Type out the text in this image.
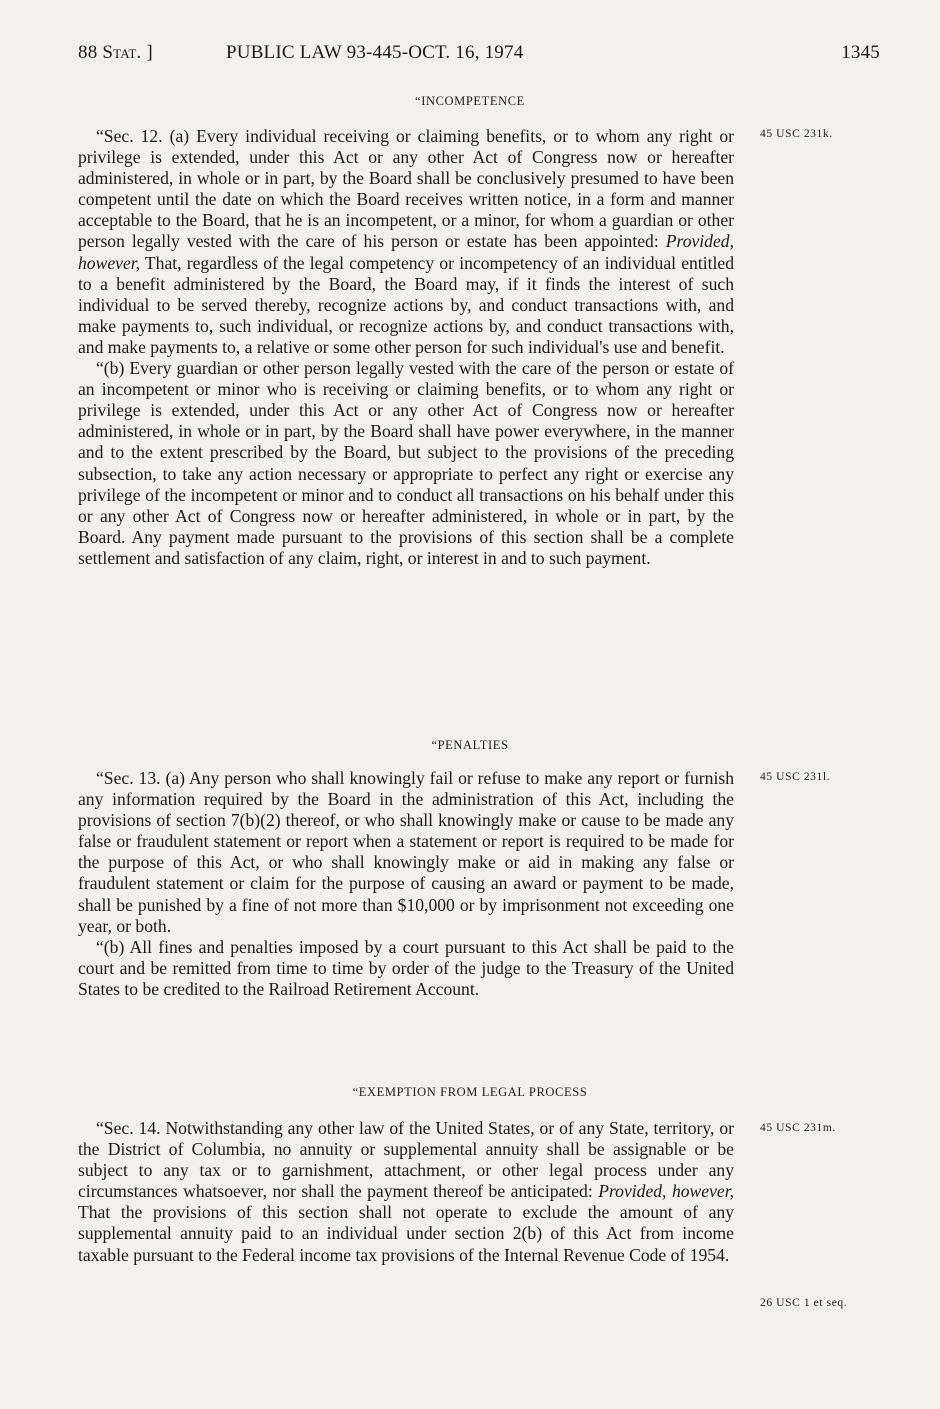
88 Stat. ]	PUBLIC LAW 93-445-OCT. 16, 1974	1345
“INCOMPETENCE
45 USC 231k.

“Sec. 12. (a) Every individual receiving or claiming benefits, or to whom any right or privilege is extended, under this Act or any other Act of Congress now or hereafter administered, in whole or in part, by the Board shall be conclusively presumed to have been competent until the date on which the Board receives written notice, in a form and manner acceptable to the Board, that he is an incompetent, or a minor, for whom a guardian or other person legally vested with the care of his person or estate has been appointed: Provided, however, That, regardless of the legal competency or incompetency of an individual entitled to a benefit administered by the Board, the Board may, if it finds the interest of such individual to be served thereby, recognize actions by, and conduct transactions with, and make payments to, such individual, or recognize actions by, and conduct transactions with, and make payments to, a relative or some other person for such individual's use and benefit.

“(b) Every guardian or other person legally vested with the care of the person or estate of an incompetent or minor who is receiving or claiming benefits, or to whom any right or privilege is extended, under this Act or any other Act of Congress now or hereafter administered, in whole or in part, by the Board shall have power everywhere, in the manner and to the extent prescribed by the Board, but subject to the provisions of the preceding subsection, to take any action necessary or appropriate to perfect any right or exercise any privilege of the incompetent or minor and to conduct all transactions on his behalf under this or any other Act of Congress now or hereafter administered, in whole or in part, by the Board. Any payment made pursuant to the provisions of this section shall be a complete settlement and satisfaction of any claim, right, or interest in and to such payment.

“PENALTIES
45 USC 231l.

“Sec. 13. (a) Any person who shall knowingly fail or refuse to make any report or furnish any information required by the Board in the administration of this Act, including the provisions of section 7(b)(2) thereof, or who shall knowingly make or cause to be made any false or fraudulent statement or report when a statement or report is required to be made for the purpose of this Act, or who shall knowingly make or aid in making any false or fraudulent statement or claim for the purpose of causing an award or payment to be made, shall be punished by a fine of not more than $10,000 or by imprisonment not exceeding one year, or both.

“(b) All fines and penalties imposed by a court pursuant to this Act shall be paid to the court and be remitted from time to time by order of the judge to the Treasury of the United States to be credited to the Railroad Retirement Account.

“EXEMPTION FROM LEGAL PROCESS
45 USC 231m.
26 USC 1 et seq.

“Sec. 14. Notwithstanding any other law of the United States, or of any State, territory, or the District of Columbia, no annuity or supplemental annuity shall be assignable or be subject to any tax or to garnishment, attachment, or other legal process under any circumstances whatsoever, nor shall the payment thereof be anticipated: Provided, however, That the provisions of this section shall not operate to exclude the amount of any supplemental annuity paid to an individual under section 2(b) of this Act from income taxable pursuant to the Federal income tax provisions of the Internal Revenue Code of 1954.
